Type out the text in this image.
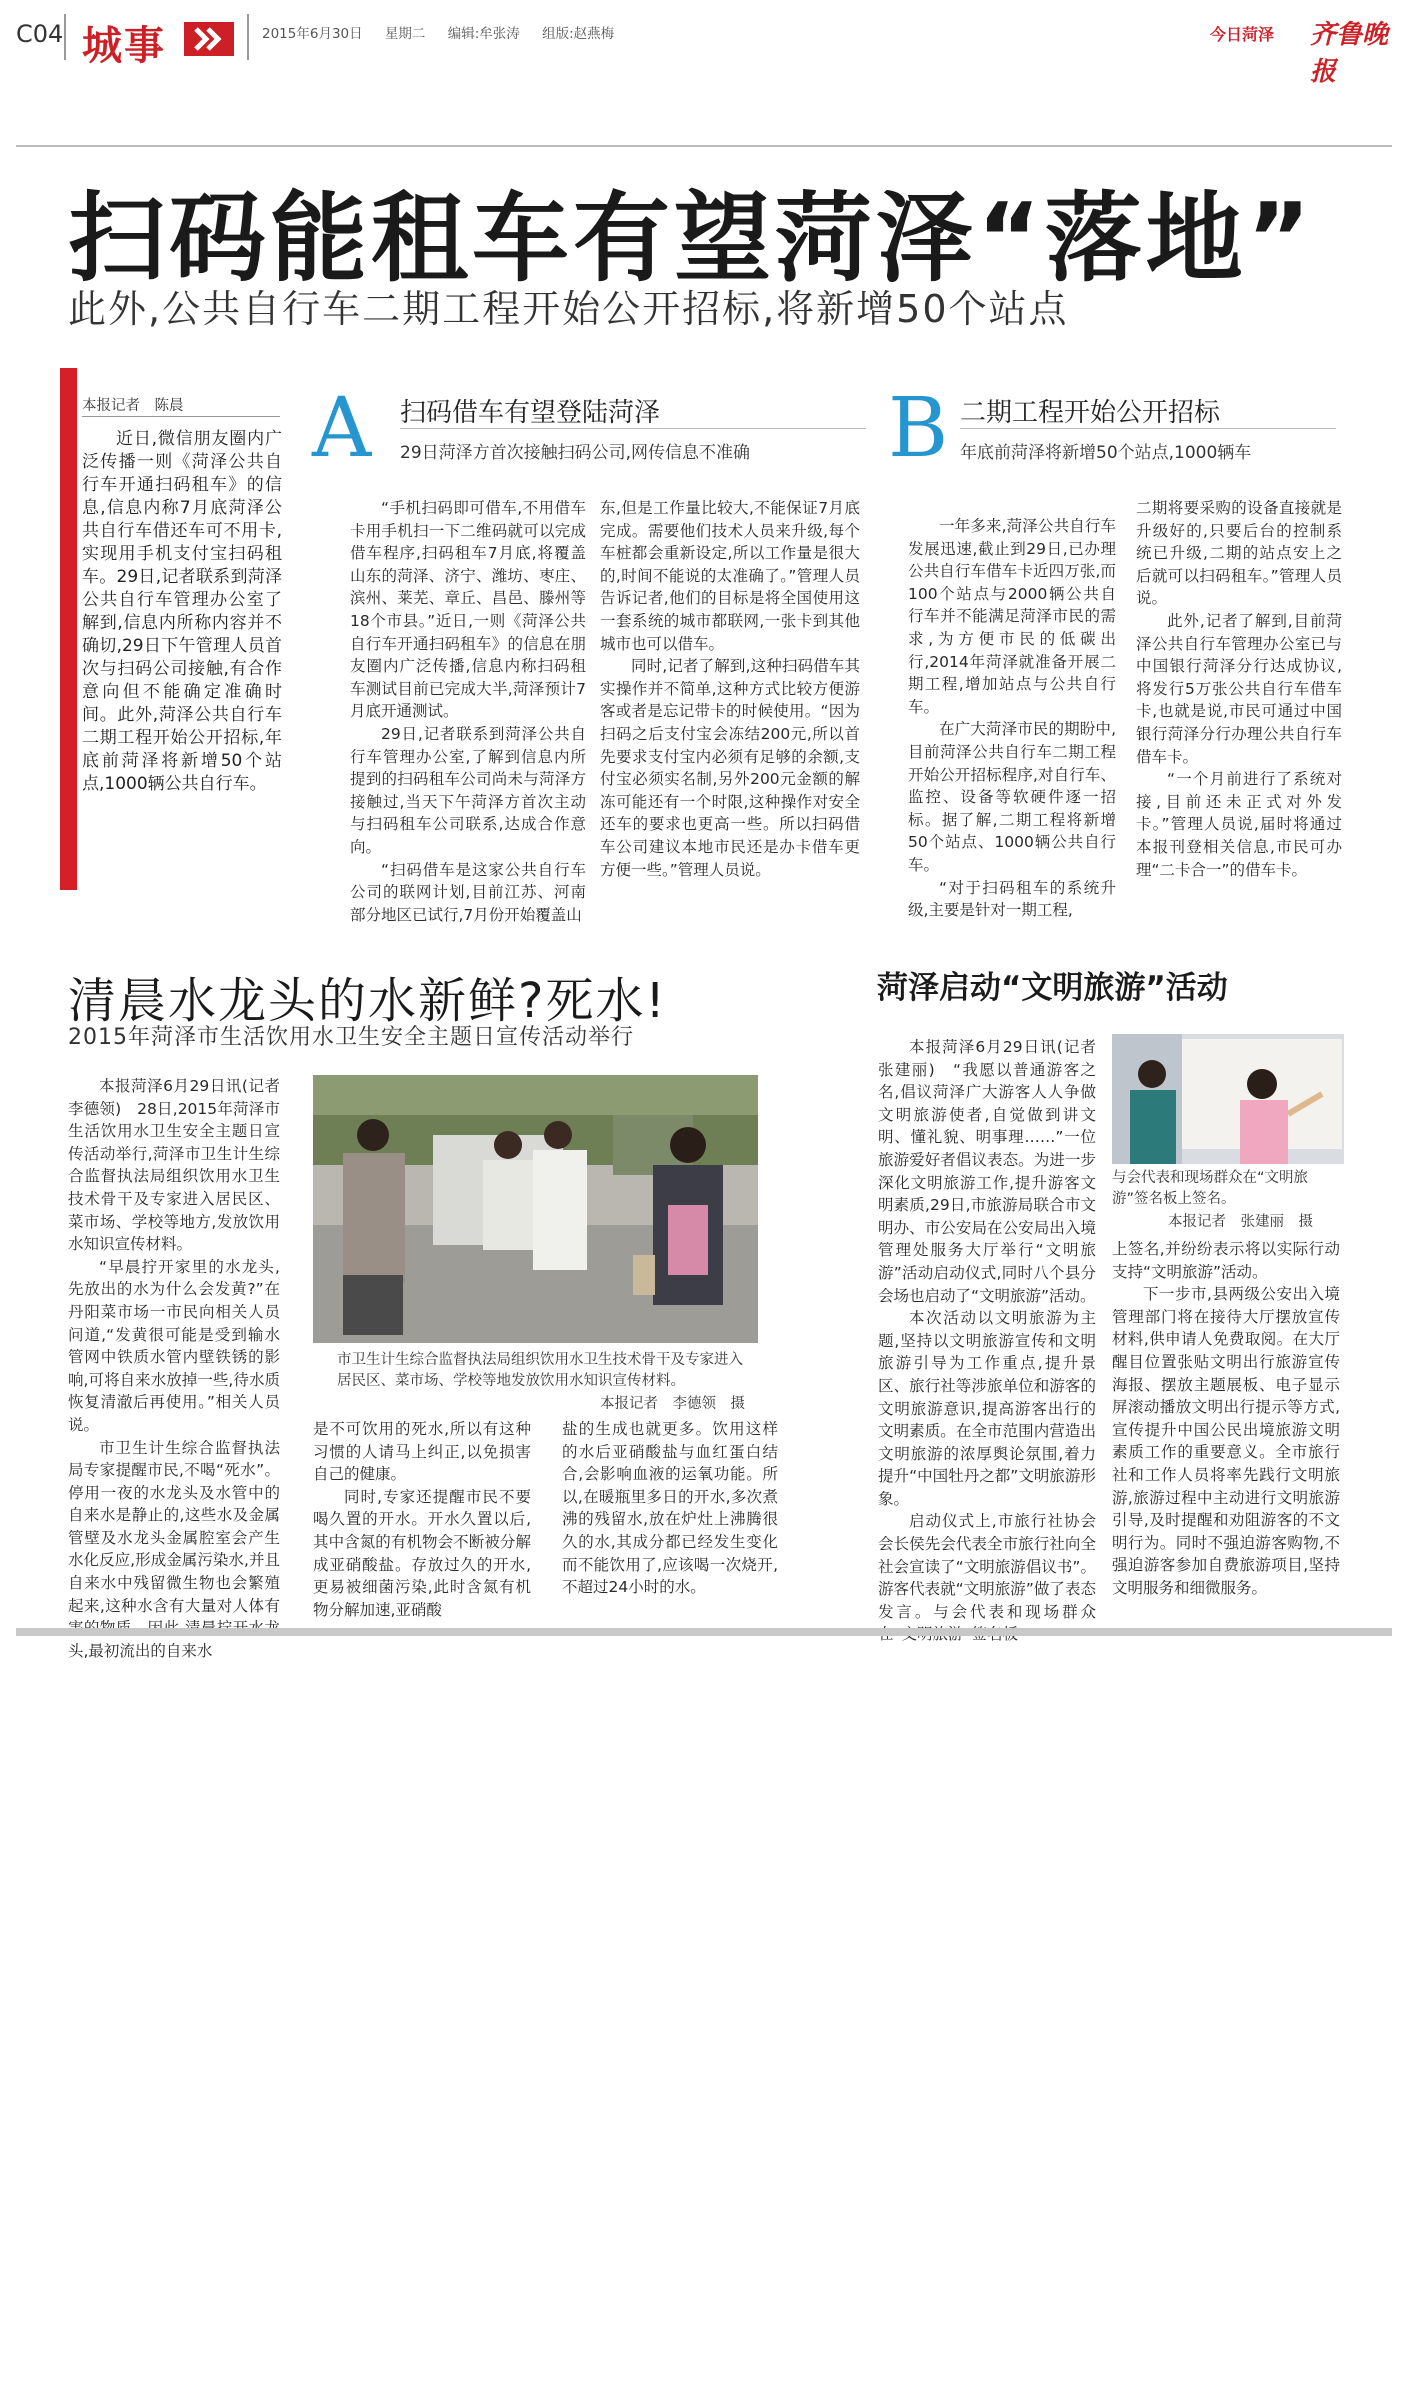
C04 城事	2015年6月30日 星期二 编辑:牟张涛 组版:赵燕梅	今日菏泽 齐鲁晚报
扫码能租车有望菏泽“落地”
此外,公共自行车二期工程开始公开招标,将新增50个站点
本报记者　陈晨

近日,微信朋友圈内广泛传播一则《菏泽公共自行车开通扫码租车》的信息,信息内称7月底菏泽公共自行车借还车可不用卡,实现用手机支付宝扫码租车。29日,记者联系到菏泽公共自行车管理办公室了解到,信息内所称内容并不确切,29日下午管理人员首次与扫码公司接触,有合作意向但不能确定准确时间。此外,菏泽公共自行车二期工程开始公开招标,年底前菏泽将新增50个站点,1000辆公共自行车。

A 扫码借车有望登陆菏泽
29日菏泽方首次接触扫码公司,网传信息不准确

“手机扫码即可借车,不用借车卡用手机扫一下二维码就可以完成借车程序,扫码租车7月底,将覆盖山东的菏泽、济宁、潍坊、枣庄、滨州、莱芜、章丘、昌邑、滕州等18个市县。”近日,一则《菏泽公共自行车开通扫码租车》的信息在朋友圈内广泛传播,信息内称扫码租车测试目前已完成大半,菏泽预计7月底开通测试。

29日,记者联系到菏泽公共自行车管理办公室,了解到信息内所提到的扫码租车公司尚未与菏泽方接触过,当天下午菏泽方首次主动与扫码租车公司联系,达成合作意向。

“扫码借车是这家公共自行车公司的联网计划,目前江苏、河南部分地区已试行,7月份开始覆盖山

东,但是工作量比较大,不能保证7月底完成。需要他们技术人员来升级,每个车桩都会重新设定,所以工作量是很大的,时间不能说的太准确了。”管理人员告诉记者,他们的目标是将全国使用这一套系统的城市都联网,一张卡到其他城市也可以借车。

同时,记者了解到,这种扫码借车其实操作并不简单,这种方式比较方便游客或者是忘记带卡的时候使用。“因为扫码之后支付宝会冻结200元,所以首先要求支付宝内必须有足够的余额,支付宝必须实名制,另外200元金额的解冻可能还有一个时限,这种操作对安全还车的要求也更高一些。所以扫码借车公司建议本地市民还是办卡借车更方便一些。”管理人员说。

B 二期工程开始公开招标
年底前菏泽将新增50个站点,1000辆车

一年多来,菏泽公共自行车发展迅速,截止到29日,已办理公共自行车借车卡近四万张,而100个站点与2000辆公共自行车并不能满足菏泽市民的需求,为方便市民的低碳出行,2014年菏泽就准备开展二期工程,增加站点与公共自行车。

在广大菏泽市民的期盼中,目前菏泽公共自行车二期工程开始公开招标程序,对自行车、监控、设备等软硬件逐一招标。据了解,二期工程将新增50个站点、1000辆公共自行车。

“对于扫码租车的系统升级,主要是针对一期工程,

二期将要采购的设备直接就是升级好的,只要后台的控制系统已升级,二期的站点安上之后就可以扫码租车。”管理人员说。

此外,记者了解到,目前菏泽公共自行车管理办公室已与中国银行菏泽分行达成协议,将发行5万张公共自行车借车卡,也就是说,市民可通过中国银行菏泽分行办理公共自行车借车卡。

“一个月前进行了系统对接,目前还未正式对外发卡。”管理人员说,届时将通过本报刊登相关信息,市民可办理“二卡合一”的借车卡。

清晨水龙头的水新鲜?死水!
2015年菏泽市生活饮用水卫生安全主题日宣传活动举行

本报菏泽6月29日讯(记者 李德领)　28日,2015年菏泽市生活饮用水卫生安全主题日宣传活动举行,菏泽市卫生计生综合监督执法局组织饮用水卫生技术骨干及专家进入居民区、菜市场、学校等地方,发放饮用水知识宣传材料。

“早晨拧开家里的水龙头,先放出的水为什么会发黄?”在丹阳菜市场一市民向相关人员问道,“发黄很可能是受到输水管网中铁质水管内壁铁锈的影响,可将自来水放掉一些,待水质恢复清澈后再使用。”相关人员说。

市卫生计生综合监督执法局专家提醒市民,不喝“死水”。停用一夜的水龙头及水管中的自来水是静止的,这些水及金属管壁及水龙头金属腔室会产生水化反应,形成金属污染水,并且自来水中残留微生物也会繁殖起来,这种水含有大量对人体有 头,最初流出的自来水

市卫生计生综合监督执法局组织饮用水卫生技术骨干及专家进入居民区、菜市场、学校等地发放饮用水知识宣传材料。
本报记者　李德领　摄

是不可饮用的死水,所以有这种习惯的人请马上纠正,以免损害自己的健康。

同时,专家还提醒市民不要喝久置的开水。开水久置以后,其中含氮的有机物会不断被分解成亚硝酸盐。存放过久的开水,更易被细菌污染,此时含氮有机物分解加速,亚硝酸

盐的生成也就更多。饮用这样的水后亚硝酸盐与血红蛋白结合,会影响血液的运氧功能。所以,在暖瓶里多日的开水,多次煮沸的残留水,放在炉灶上沸腾很久的水,其成分都已经发生变化而不能饮用了,应该喝一次烧开,不超过24小时的水。

菏泽启动“文明旅游”活动

本报菏泽6月29日讯(记者 张建丽)　“我愿以普通游客之名,倡议菏泽广大游客人人争做文明旅游使者,自觉做到讲文明、懂礼貌、明事理……”一位旅游爱好者倡议表态。为进一步深化文明旅游工作,提升游客文明素质,29日,市旅游局联合市文明办、市公安局在公安局出入境管理处服务大厅举行“文明旅游”活动启动仪式,同时八个县分会场也启动了“文明旅游”活动。

本次活动以文明旅游为主题,坚持以文明旅游宣传和文明旅游引导为工作重点,提升景区、旅行社等涉旅单位和游客的文明旅游意识,提高游客出行的文明素质。在全市范围内营造出文明旅游的浓厚舆论氛围,着力提升“中国牡丹之都”文明旅游形象。

启动仪式上,市旅行社协会会长侯先会代表全市旅行社向全社会宣读了“文明旅游倡议书”。游客代表就“文明旅游”做了表态发言。与会代表和现场群众

与会代表和现场群众在“文明旅游”签名板上签名。
本报记者　张建丽　摄

上签名,并纷纷表示将以实际行动支持“文明旅游”活动。

下一步市,县两级公安出入境管理部门将在接待大厅摆放宣传材料,供申请人免费取阅。在大厅醒目位置张贴文明出行旅游宣传海报、摆放主题展板、电子显示屏滚动播放文明出行提示等方式,宣传提升中国公民出境旅游文明素质工作的重要意义。全市旅行社和工作人员将率先践行文明旅游,旅游过程中主动进行文明旅游引导,及时提醒和劝阻游客的不文明行为。同时不强迫游客购物,不强迫游客参加自费旅游项目,坚持文明服务和细微服务。
